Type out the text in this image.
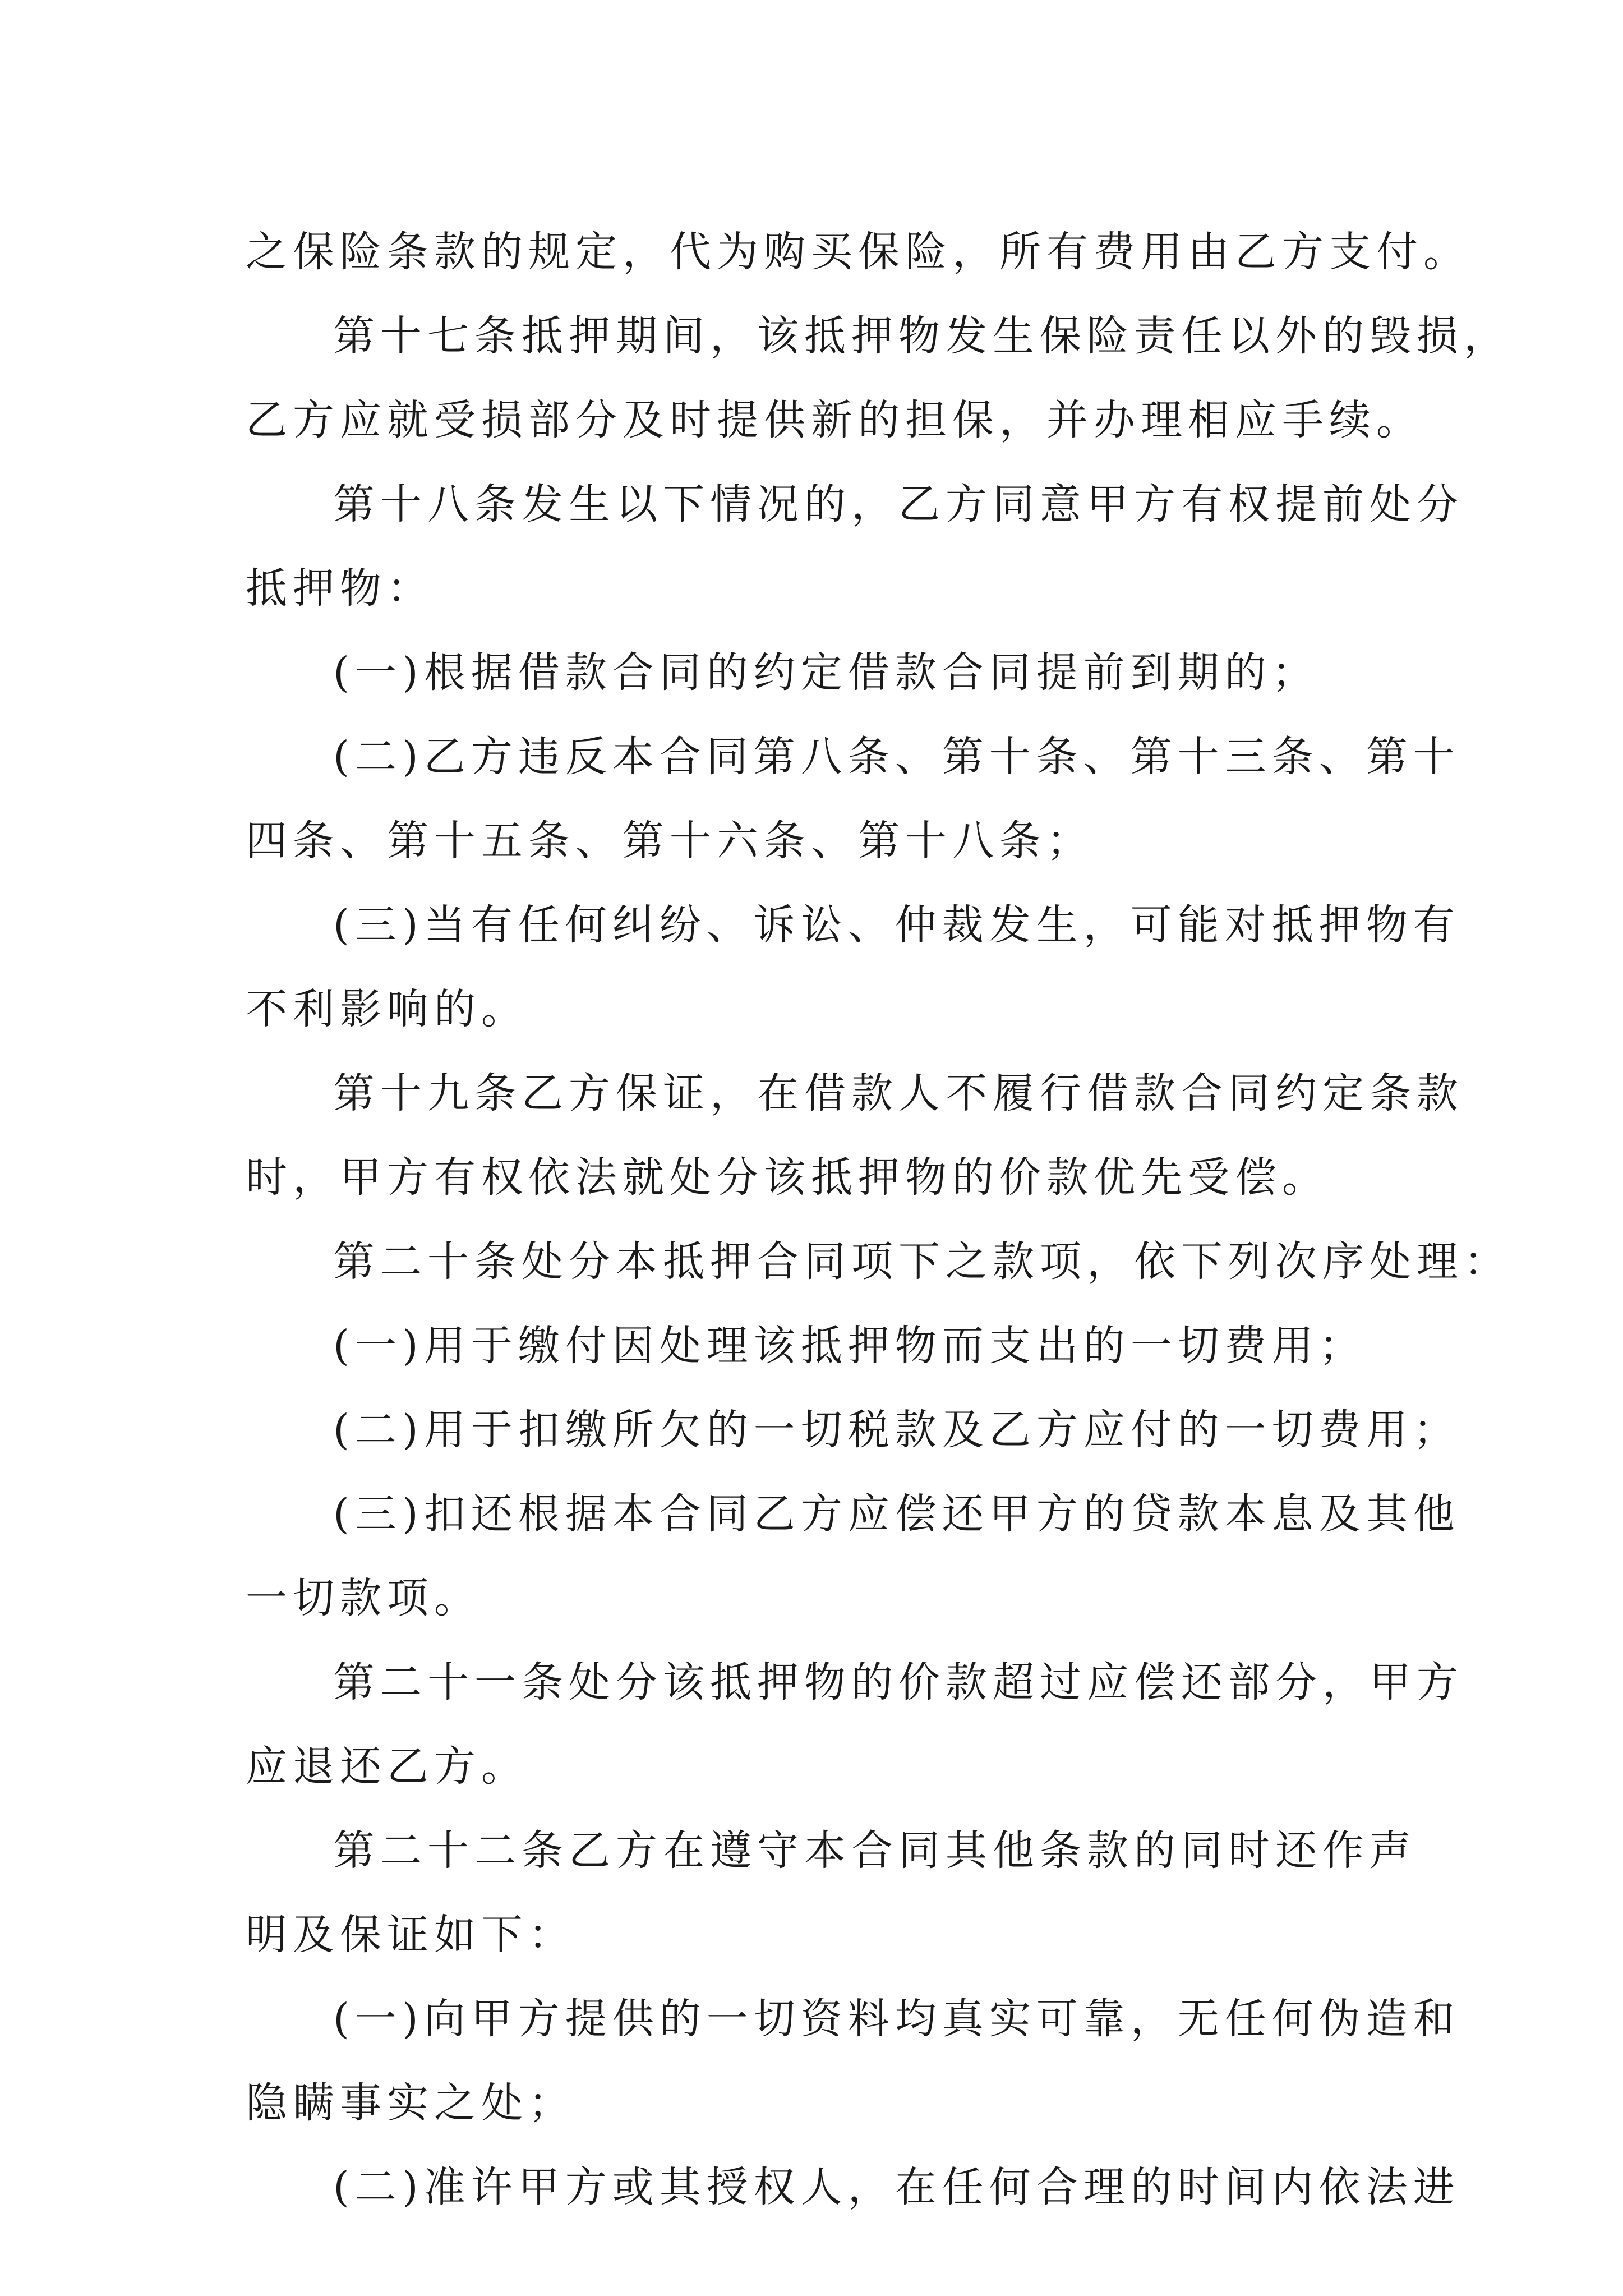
之保险条款的规定，代为购买保险，所有费用由乙方支付。
第十七条抵押期间，该抵押物发生保险责任以外的毁损，
乙方应就受损部分及时提供新的担保，并办理相应手续。
第十八条发生以下情况的，乙方同意甲方有权提前处分
抵押物：
(一)根据借款合同的约定借款合同提前到期的；
(二)乙方违反本合同第八条、第十条、第十三条、第十
四条、第十五条、第十六条、第十八条；
(三)当有任何纠纷、诉讼、仲裁发生，可能对抵押物有
不利影响的。
第十九条乙方保证，在借款人不履行借款合同约定条款
时，甲方有权依法就处分该抵押物的价款优先受偿。
第二十条处分本抵押合同项下之款项，依下列次序处理：
(一)用于缴付因处理该抵押物而支出的一切费用；
(二)用于扣缴所欠的一切税款及乙方应付的一切费用；
(三)扣还根据本合同乙方应偿还甲方的贷款本息及其他
一切款项。
第二十一条处分该抵押物的价款超过应偿还部分，甲方
应退还乙方。
第二十二条乙方在遵守本合同其他条款的同时还作声
明及保证如下：
(一)向甲方提供的一切资料均真实可靠，无任何伪造和
隐瞒事实之处；
(二)准许甲方或其授权人，在任何合理的时间内依法进
